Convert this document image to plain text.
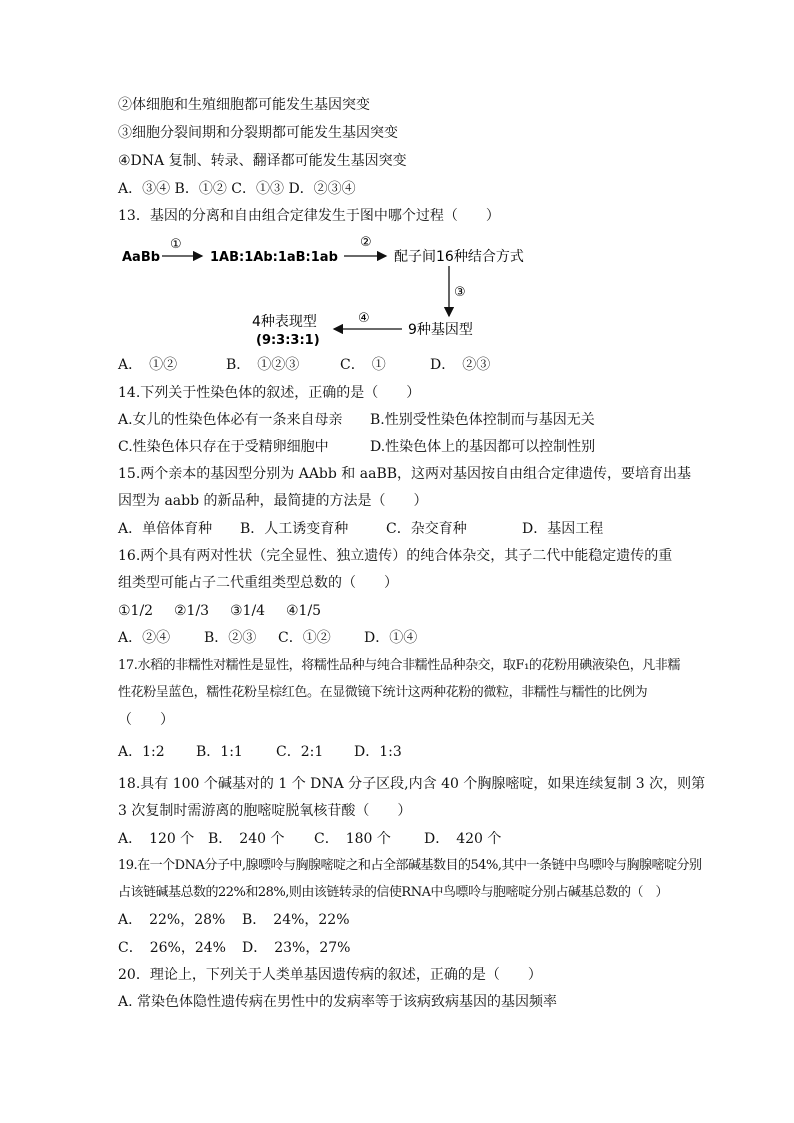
②体细胞和生殖细胞都可能发生基因突变
③细胞分裂间期和分裂期都可能发生基因突变
④DNA 复制、转录、翻译都可能发生基因突变
A．③④ B．①② C．①③ D．②③④
13．基因的分离和自由组合定律发生于图中哪个过程（　　）
AaBb
①
1AB:1Ab:1aB:1ab
②
配子间16种结合方式
③
9种基因型
④
4种表现型
(9:3:3:1)
A．　①②	B．　①②③	C．　①	D．　②③
14.下列关于性染色体的叙述，正确的是（　　）
A.女儿的性染色体必有一条来自母亲 B.性别受性染色体控制而与基因无关
C.性染色体只存在于受精卵细胞中	D.性染色体上的基因都可以控制性别
15.两个亲本的基因型分别为 AAbb 和 aaBB，这两对基因按自由组合定律遗传，要培育出基
因型为 aabb 的新品种，最简捷的方法是（　　）
A．单倍体育种 B．人工诱变育种	C．杂交育种	D．基因工程
16.两个具有两对性状（完全显性、独立遗传）的纯合体杂交，其子二代中能稳定遗传的重
组类型可能占子二代重组类型总数的（　　）
①1/2 ②1/3 ③1/4 ④1/5
A．②④ B．②③ C．①② D．①④
17.水稻的非糯性对糯性是显性，将糯性品种与纯合非糯性品种杂交，取F₁的花粉用碘液染色，凡非糯
性花粉呈蓝色，糯性花粉呈棕红色。在显微镜下统计这两种花粉的微粒，非糯性与糯性的比例为
（　　）
A．1:2 B．1:1 C．2:1 D．1:3
18.具有 100 个碱基对的 1 个 DNA 分子区段,内含 40 个胸腺嘧啶，如果连续复制 3 次，则第
3 次复制时需游离的胞嘧啶脱氧核苷酸（　　）
A．　120 个 B．　240 个 C．　180 个 D．　420 个
19.在一个DNA分子中,腺嘌呤与胸腺嘧啶之和占全部碱基数目的54%,其中一条链中鸟嘌呤与胸腺嘧啶分别
占该链碱基总数的22%和28%,则由该链转录的信使RNA中鸟嘌呤与胞嘧啶分别占碱基总数的（　）
A．　22%，28% B．　24%，22%
C．　26%，24% D．　23%，27%
20．理论上，下列关于人类单基因遗传病的叙述，正确的是（　　）
A. 常染色体隐性遗传病在男性中的发病率等于该病致病基因的基因频率
